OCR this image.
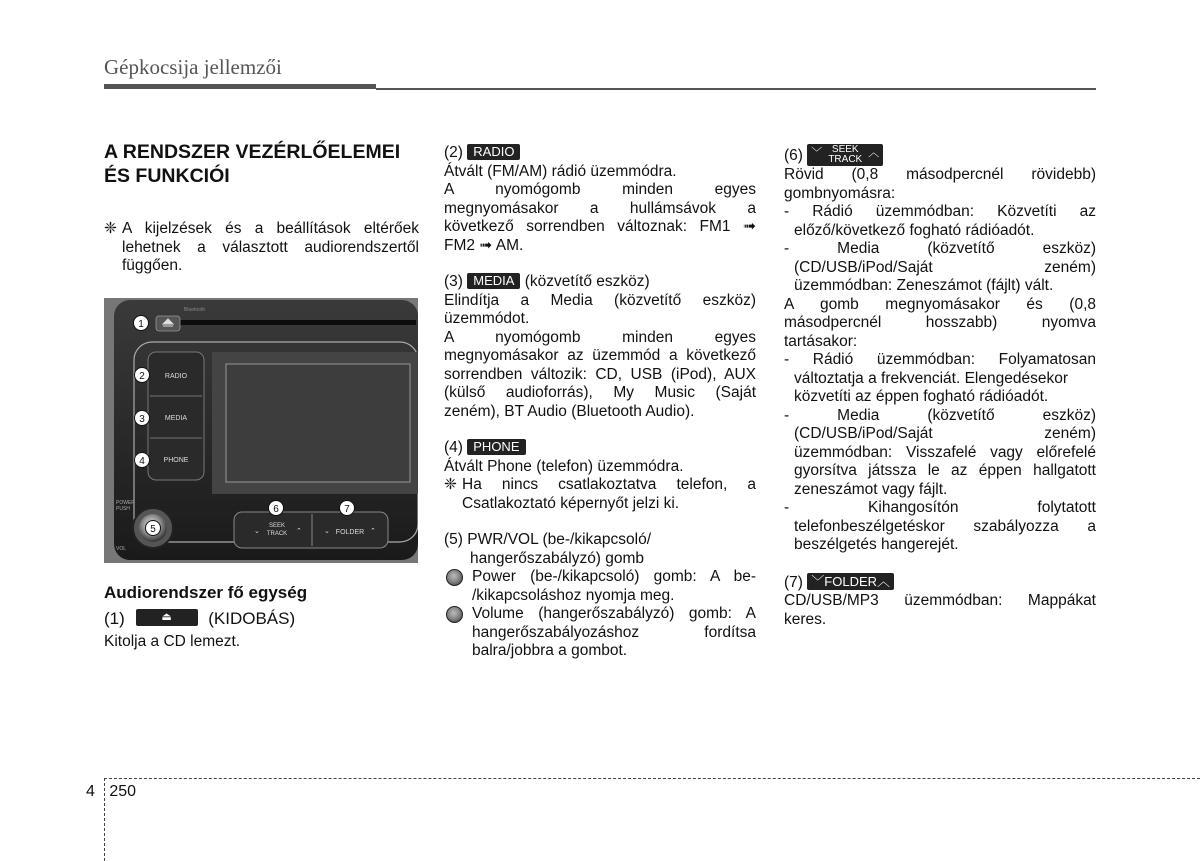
Gépkocsija jellemzői
A RENDSZER VEZÉRLŐELEMEI
ÉS FUNKCIÓI
❈ A kijelzések és a beállítások eltérőek

lehetnek a választott audiorendszertől

függően.

Bluetooth
RADIO
MEDIA
PHONE
POWER
PUSH
VOL
⌄
SEEK
TRACK ⌃	⌄ FOLDER ⌃
1
2
3
4
5
6	7

Audiorendszer fő egység

(1)	⏏	(KIDOBÁS)

Kitolja a CD lemezt.

(2) RADIO

Átvált (FM/AM) rádió üzemmódra.

A nyomógomb minden egyes

megnyomásakor a hullámsávok a

következő sorrendben változnak: FM1 ➟

FM2 ➟ AM.

(3) MEDIA (közvetítő eszköz)

Elindítja a Media (közvetítő eszköz)

üzemmódot.

A nyomógomb minden egyes

megnyomásakor az üzemmód a következő

sorrendben változik: CD, USB (iPod), AUX

(külső audioforrás), My Music (Saját

zeném), BT Audio (Bluetooth Audio).

(4) PHONE

Átvált Phone (telefon) üzemmódra.

❈ Ha nincs csatlakoztatva telefon, a

Csatlakoztató képernyőt jelzi ki.

(5) PWR/VOL (be-/kikapcsoló/

hangerőszabályzó) gomb

Power (be-/kikapcsoló) gomb: A be-

/kikapcsoláshoz nyomja meg.

Volume (hangerőszabályzó) gomb: A

hangerőszabályozáshoz fordítsa

balra/jobbra a gombot.

(6) ﹀ SEEK
TRACK
︿

Rövid (0,8 másodpercnél rövidebb)

gombnyomásra:

- Rádió üzemmódban: Közvetíti az

előző/következő fogható rádióadót.

- Media (közvetítő eszköz)

(CD/USB/iPod/Saját zeném)

üzemmódban: Zeneszámot (fájlt) vált.

A gomb megnyomásakor és (0,8

másodpercnél hosszabb) nyomva

tartásakor:

- Rádió üzemmódban: Folyamatosan

változtatja a frekvenciát. Elengedésekor

közvetíti az éppen fogható rádióadót.

- Media (közvetítő eszköz)

(CD/USB/iPod/Saját zeném)

üzemmódban: Visszafelé vagy előrefelé

gyorsítva játssza le az éppen hallgatott

zeneszámot vagy fájlt.

- Kihangosítón folytatott

telefonbeszélgetéskor szabályozza a

beszélgetés hangerejét.

(7) ﹀FOLDER︿

CD/USB/MP3 üzemmódban: Mappákat

keres.

4 250
